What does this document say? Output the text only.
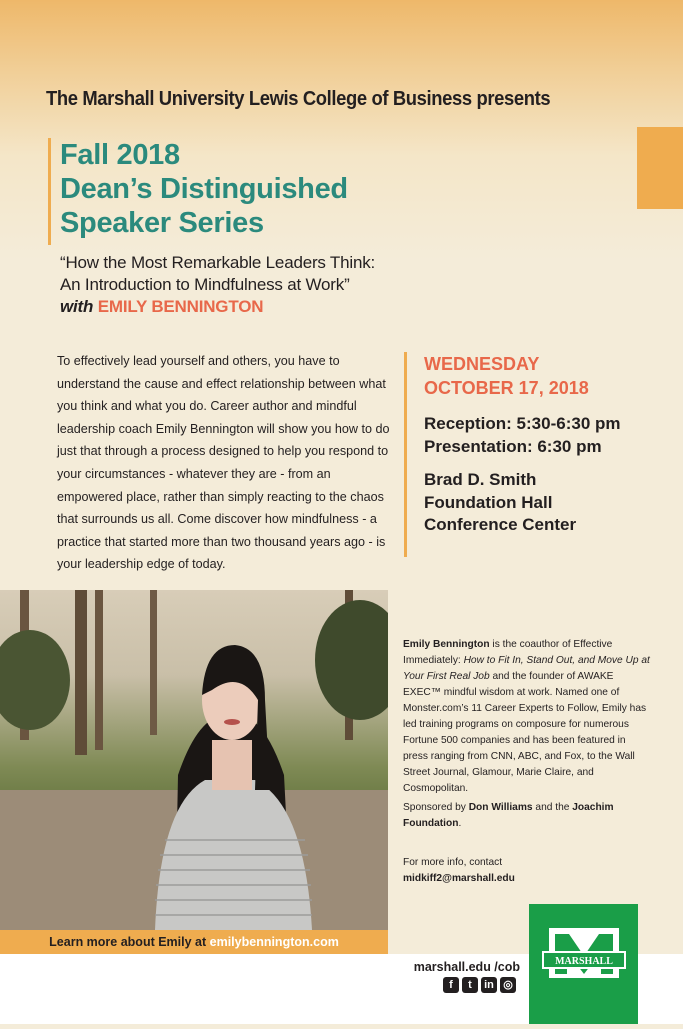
The Marshall University Lewis College of Business presents
Fall 2018
Dean’s Distinguished
Speaker Series
“How the Most Remarkable Leaders Think:
An Introduction to Mindfulness at Work”
with EMILY BENNINGTON
To effectively lead yourself and others, you have to understand the cause and effect relationship between what you think and what you do. Career author and mindful leadership coach Emily Bennington will show you how to do just that through a process designed to help you respond to your circumstances - whatever they are - from an empowered place, rather than simply reacting to the chaos that surrounds us all. Come discover how mindfulness - a practice that started more than two thousand years ago - is your leadership edge of today.
WEDNESDAY
OCTOBER 17, 2018
Reception: 5:30-6:30 pm
Presentation: 6:30 pm
Brad D. Smith
Foundation Hall
Conference Center
Learn more about Emily at emilybennington.com
Emily Bennington is the coauthor of Effective Immediately: How to Fit In, Stand Out, and Move Up at Your First Real Job and the founder of AWAKE EXEC™ mindful wisdom at work. Named one of Monster.com’s 11 Career Experts to Follow, Emily has led training programs on composure for numerous Fortune 500 companies and has been featured in press ranging from CNN, ABC, and Fox, to the Wall Street Journal, Glamour, Marie Claire, and Cosmopolitan.
Sponsored by Don Williams and the Joachim Foundation.
For more info, contact
midkiff2@marshall.edu
marshall.edu /cob
f	t	in ◎
MARSHALL
